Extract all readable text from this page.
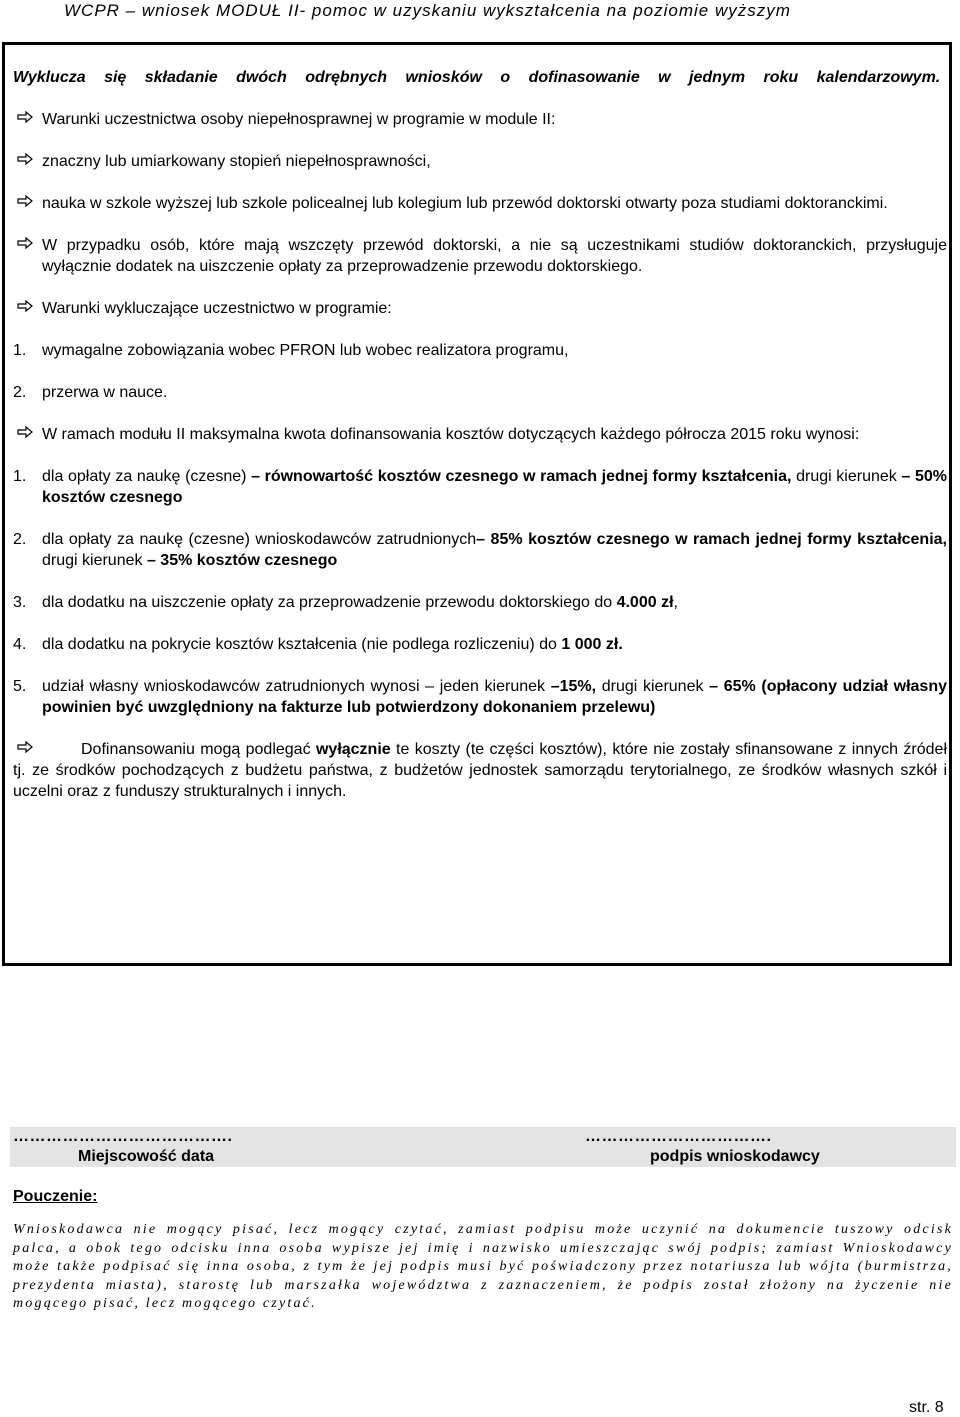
WCPR – wniosek MODUŁ II- pomoc w uzyskaniu wykształcenia na poziomie wyższym

Wyklucza się składanie dwóch odrębnych wniosków o dofinasowanie w jednym roku kalendarzowym.

Warunki uczestnictwa osoby niepełnosprawnej w programie w module II:

znaczny lub umiarkowany stopień niepełnosprawności,

nauka w szkole wyższej lub szkole policealnej lub kolegium lub przewód doktorski otwarty poza studiami doktoranckimi.

W przypadku osób, które mają wszczęty przewód doktorski, a nie są uczestnikami studiów doktoranckich, przysługuje wyłącznie dodatek na uiszczenie opłaty za przeprowadzenie przewodu doktorskiego.

Warunki wykluczające uczestnictwo w programie:

1. wymagalne zobowiązania wobec PFRON lub wobec realizatora programu,

2. przerwa w nauce.

W ramach modułu II maksymalna kwota dofinansowania kosztów dotyczących każdego półrocza 2015 roku wynosi:

1. dla opłaty za naukę (czesne) – równowartość kosztów czesnego w ramach jednej formy kształcenia, drugi kierunek – 50% kosztów czesnego

2. dla opłaty za naukę (czesne) wnioskodawców zatrudnionych– 85% kosztów czesnego w ramach jednej formy kształcenia, drugi kierunek – 35% kosztów czesnego

3. dla dodatku na uiszczenie opłaty za przeprowadzenie przewodu doktorskiego do 4.000 zł,

4. dla dodatku na pokrycie kosztów kształcenia (nie podlega rozliczeniu) do 1 000 zł.

5. udział własny wnioskodawców zatrudnionych wynosi – jeden kierunek –15%, drugi kierunek – 65% (opłacony udział własny powinien być uwzględniony na fakturze lub potwierdzony dokonaniem przelewu)

Dofinansowaniu mogą podlegać wyłącznie te koszty (te części kosztów), które nie zostały sfinansowane z innych źródeł tj. ze środków pochodzących z budżetu państwa, z budżetów jednostek samorządu terytorialnego, ze środków własnych szkół i uczelni oraz z funduszy strukturalnych i innych.

………………………………….	…………………………….
Miejscowość data	podpis wnioskodawcy
Pouczenie:
Wnioskodawca nie mogący pisać, lecz mogący czytać, zamiast podpisu może uczynić na dokumencie tuszowy odcisk palca, a obok tego odcisku inna osoba wypisze jej imię i nazwisko umieszczając swój podpis; zamiast Wnioskodawcy może także podpisać się inna osoba, z tym że jej podpis musi być poświadczony przez notariusza lub wójta (burmistrza, prezydenta miasta), starostę lub marszałka województwa z zaznaczeniem, że podpis został złożony na życzenie nie mogącego pisać, lecz mogącego czytać.
str. 8
